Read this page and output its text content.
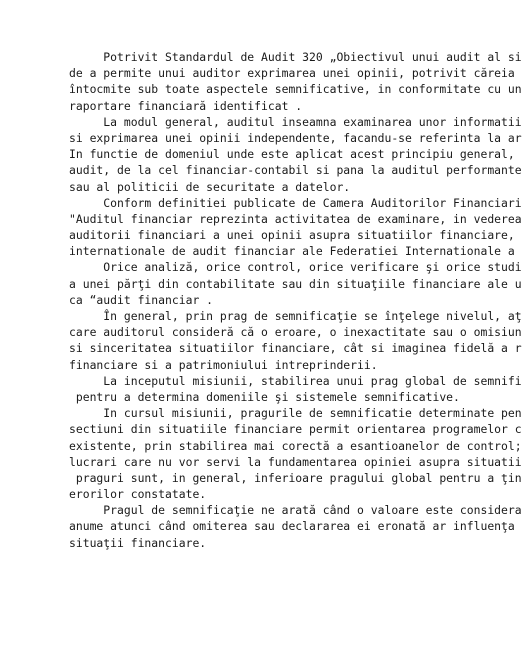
Potrivit Standardul de Audit 320 „Obiectivul unui audit al si
de a permite unui auditor exprimarea unei opinii, potrivit căreia
întocmite sub toate aspectele semnificative, in conformitate cu un
raportare financiară identificat .
La modul general, auditul inseamna examinarea unor informatii
si exprimarea unei opinii independente, facandu-se referinta la ar
In functie de domeniul unde este aplicat acest principiu general,
audit, de la cel financiar-contabil si pana la auditul performante
sau al politicii de securitate a datelor.
Conform definitiei publicate de Camera Auditorilor Financiari
"Auditul financiar reprezinta activitatea de examinare, in vederea
auditorii financiari a unei opinii asupra situatiilor financiare,
internationale de audit financiar ale Federatiei Internationale a
Orice analiză, orice control, orice verificare şi orice studi
a unei părţi din contabilitate sau din situaţiile financiare ale u
ca “audit financiar .
În general, prin prag de semnificaţie se înţelege nivelul, aţ
care auditorul consideră că o eroare, o inexactitate sau o omisiun
si sinceritatea situatiilor financiare, cât si imaginea fidelă a r
financiare si a patrimoniului intreprinderii.
La inceputul misiunii, stabilirea unui prag global de semnifi
pentru a determina domeniile şi sistemele semnificative.
In cursul misiunii, pragurile de semnificatie determinate pen
sectiuni din situatiile financiare permit orientarea programelor c
existente, prin stabilirea mai corectă a esantioanelor de control;
lucrari care nu vor servi la fundamentarea opiniei asupra situatii
praguri sunt, in general, inferioare pragului global pentru a ţin
erorilor constatate.
Pragul de semnificaţie ne arată când o valoare este considera
anume atunci când omiterea sau declararea ei eronată ar influenţa
situaţii financiare.
